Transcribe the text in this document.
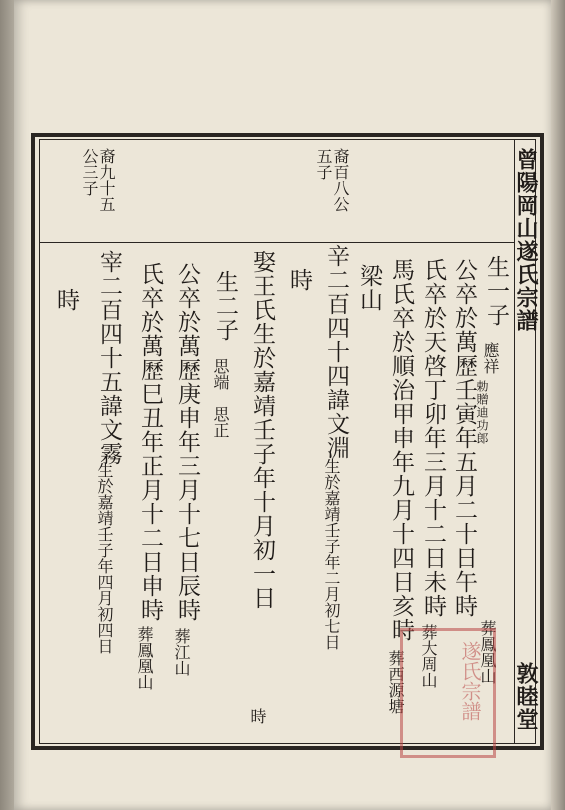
曾陽岡山遂氏宗譜
敦睦堂
裔九十五
公三子	裔百八公
五子
生一子
應祥
勅贈迪功郎
葬鳳凰山
公卒於萬歷壬寅年五月二十日午時
氏卒於天啓丁卯年三月十二日未時
葬大周山
馬氏卒於順治甲申年九月十四日亥時
葬西源塘
梁山
辛二百四十四諱文淵
生於嘉靖壬子年二月初七日
時
娶王氏生於嘉靖壬子年十月初一日
時
生二子
思端　思正
公卒於萬歷庚申年三月十七日辰時
葬江山
氏卒於萬歷巳丑年正月十二日申時
葬鳳凰山
宰二百四十五諱文霧
生於嘉靖壬子年四月初四日
時
遂氏宗譜
